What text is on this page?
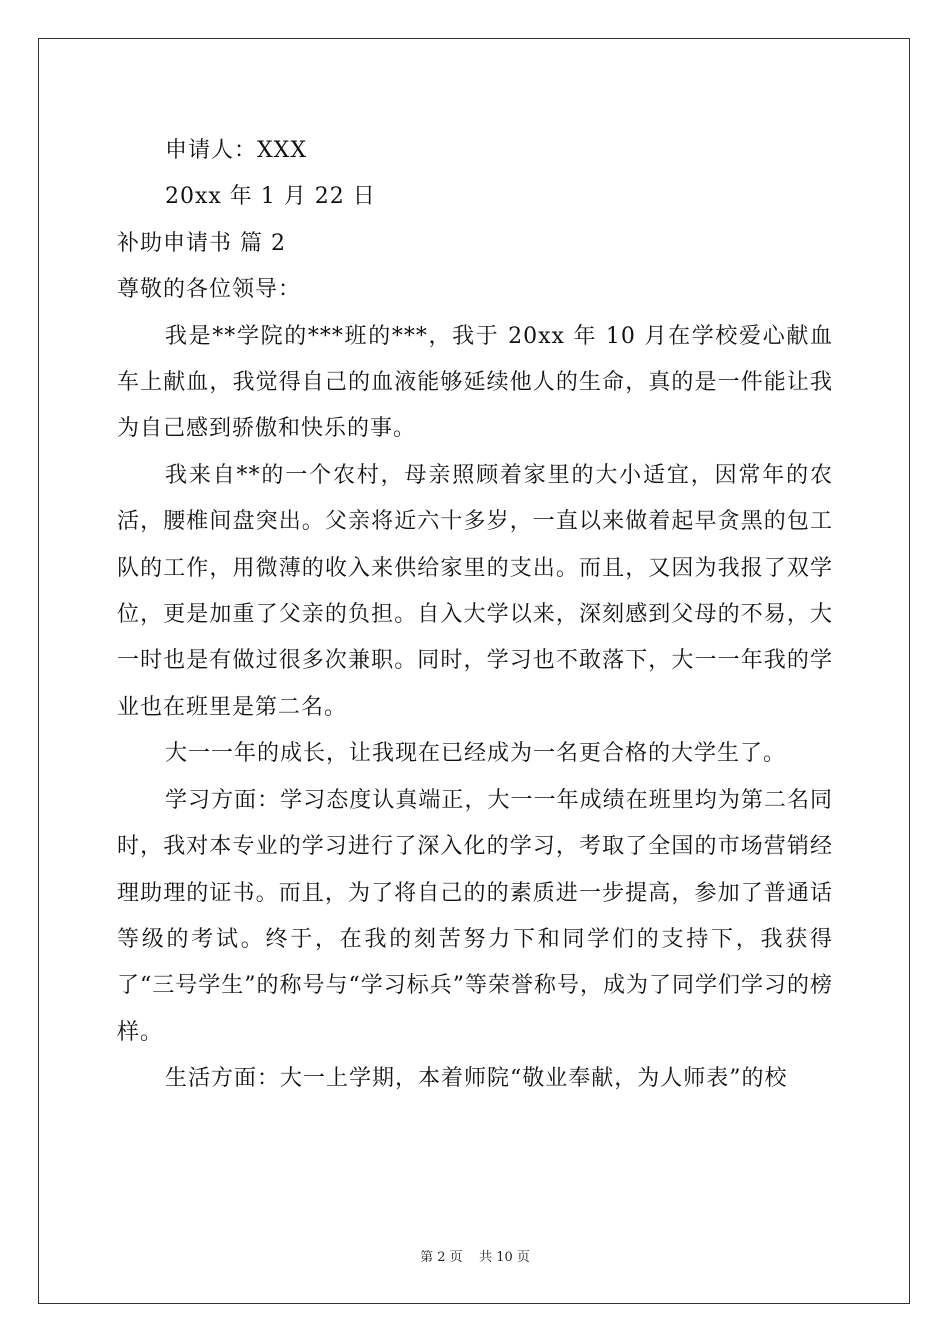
申请人：XXX

20xx 年 1 月 22 日

补助申请书 篇 2

尊敬的各位领导：

我是**学院的***班的***，我于 20xx 年 10 月在学校爱心献血车上献血，我觉得自己的血液能够延续他人的生命，真的是一件能让我为自己感到骄傲和快乐的事。

我来自**的一个农村，母亲照顾着家里的大小适宜，因常年的农活，腰椎间盘突出。父亲将近六十多岁，一直以来做着起早贪黑的包工队的工作，用微薄的收入来供给家里的支出。而且，又因为我报了双学位，更是加重了父亲的负担。自入大学以来，深刻感到父母的不易，大一时也是有做过很多次兼职。同时，学习也不敢落下，大一一年我的学业也在班里是第二名。

大一一年的成长，让我现在已经成为一名更合格的大学生了。

学习方面：学习态度认真端正，大一一年成绩在班里均为第二名同时，我对本专业的学习进行了深入化的学习，考取了全国的市场营销经理助理的证书。而且，为了将自己的的素质进一步提高，参加了普通话等级的考试。终于，在我的刻苦努力下和同学们的支持下，我获得了“三号学生”的称号与“学习标兵”等荣誉称号，成为了同学们学习的榜样。

生活方面：大一上学期，本着师院“敬业奉献，为人师表”的校

第 2 页    共 10 页
